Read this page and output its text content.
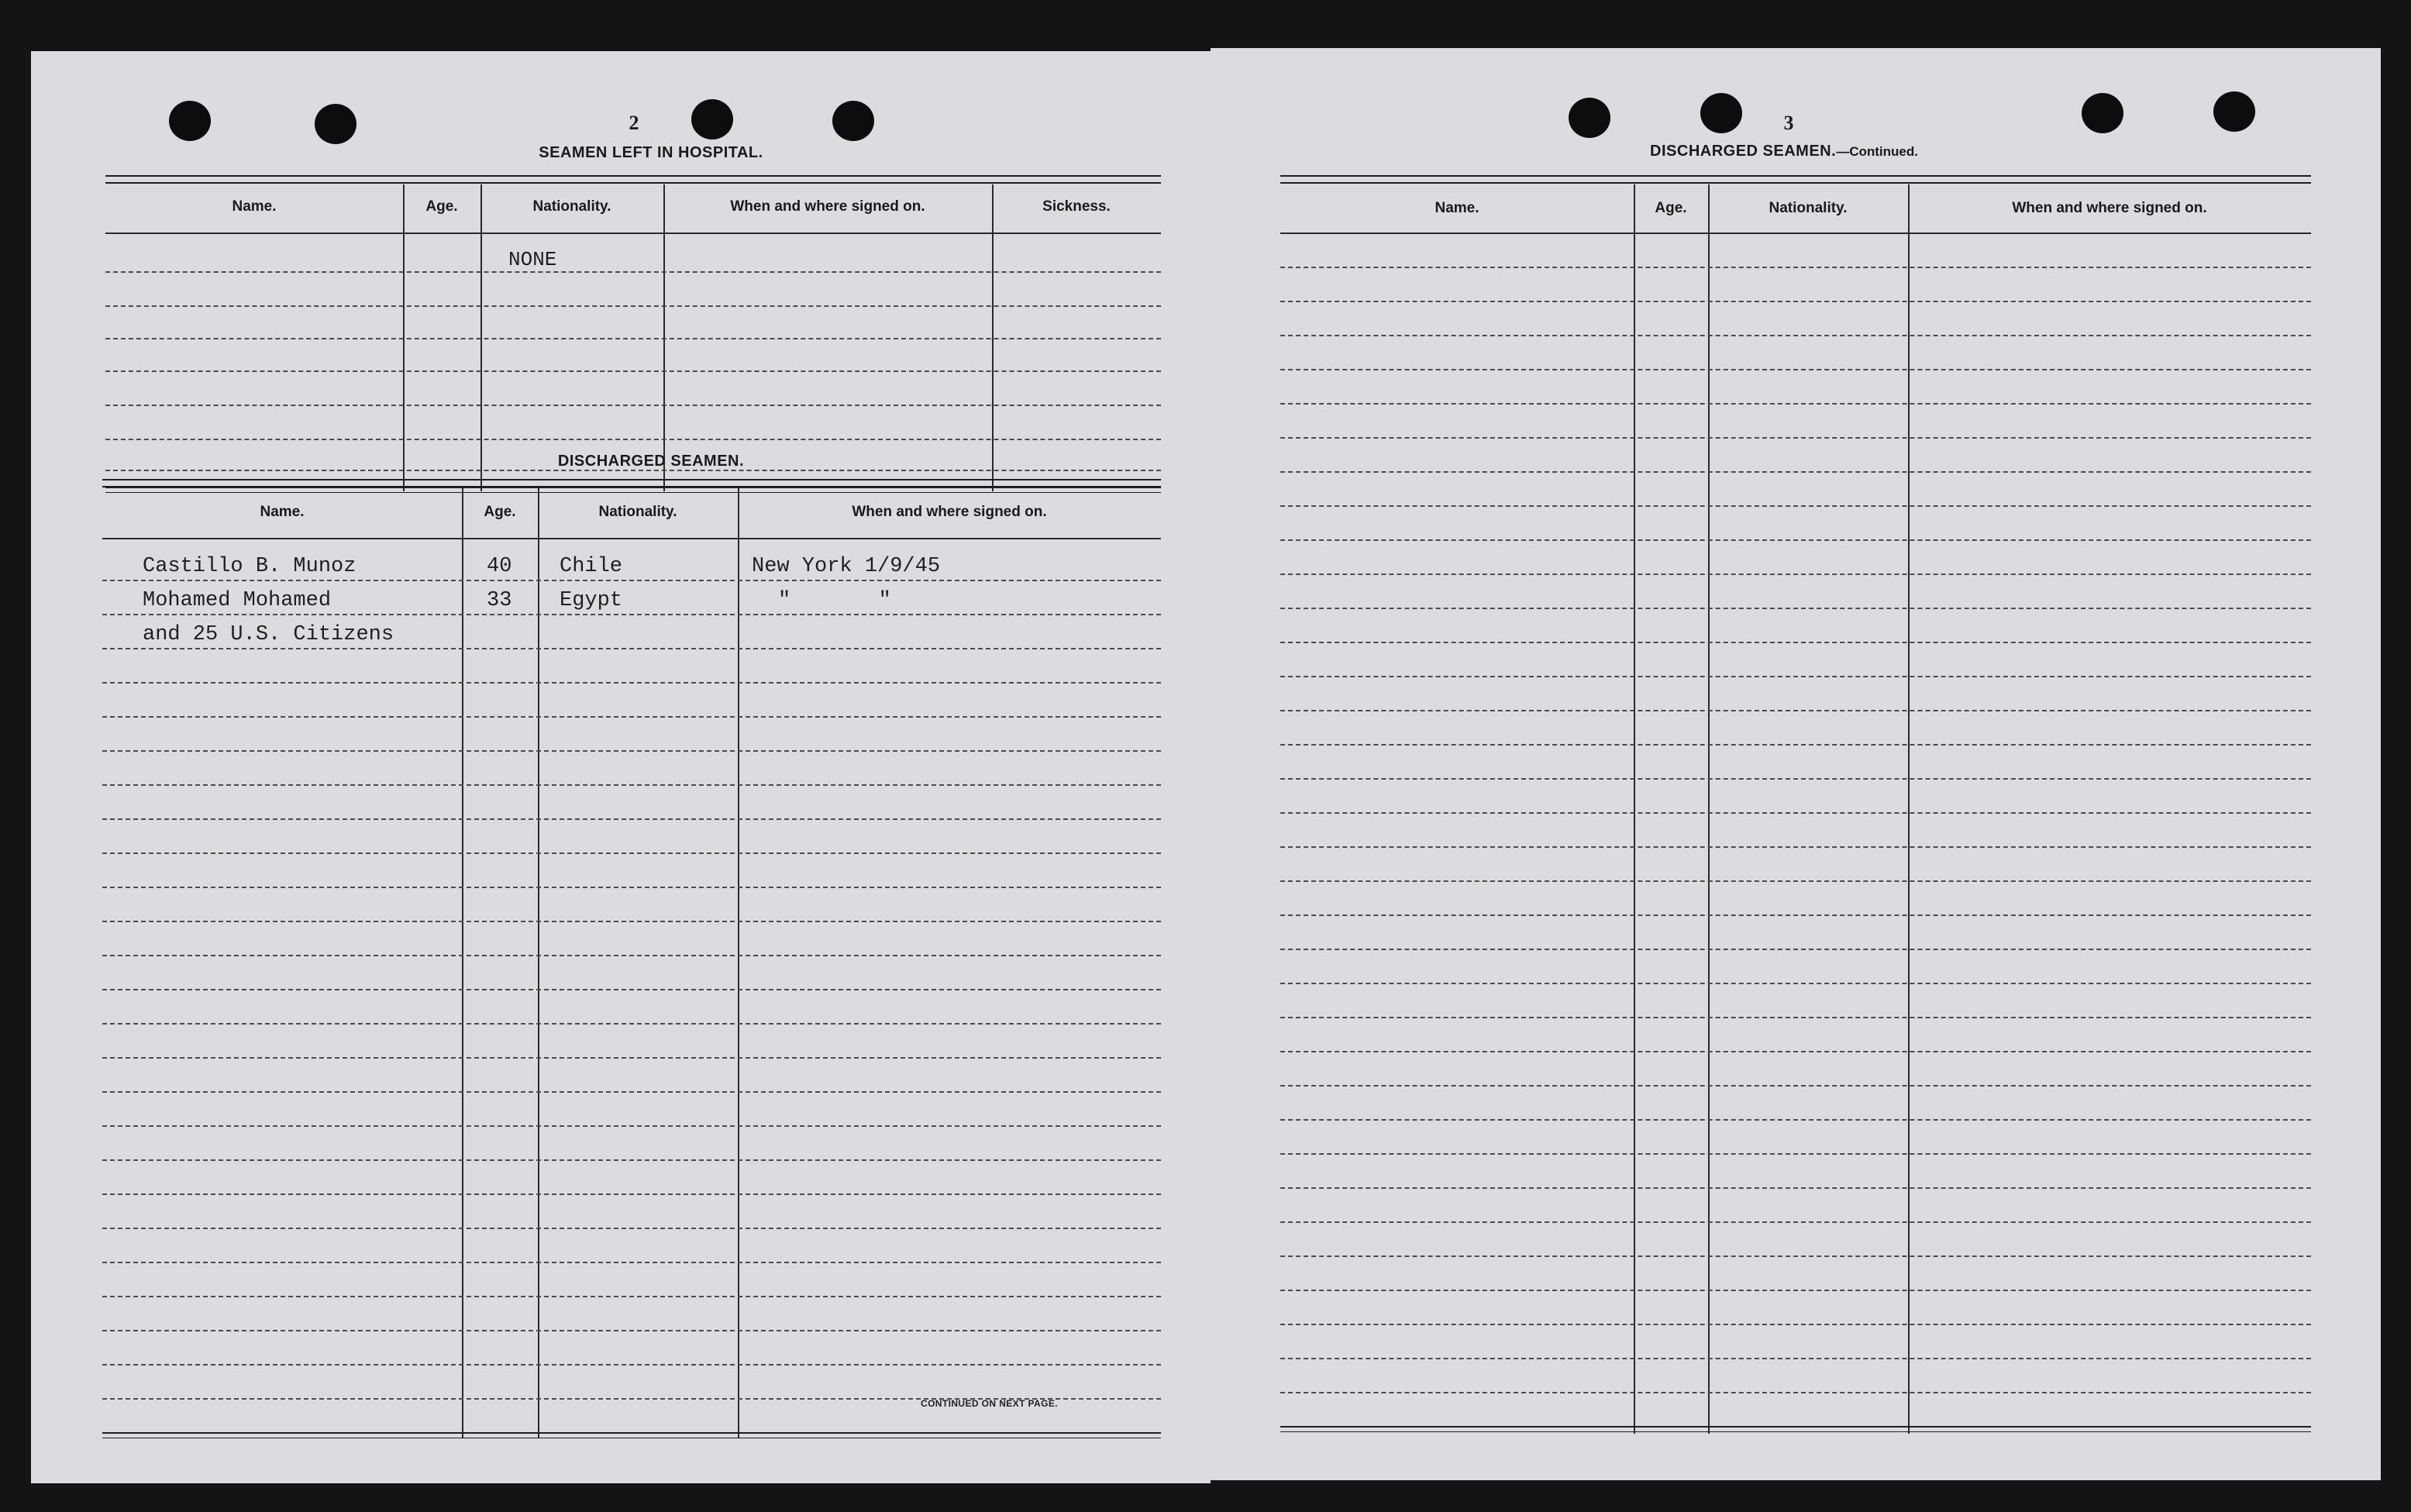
2
SEAMEN LEFT IN HOSPITAL.
Name.	Age.	Nationality.	When and where signed on.	Sickness.
NONE
DISCHARGED SEAMEN.
Name.	Age.	Nationality.	When and where signed on.
Castillo B. Munoz	40 Chile	New York 1/9/45
Mohamed Mohamed	33 Egypt	"       "
and 25 U.S. Citizens
CONTINUED ON NEXT PAGE.
3
DISCHARGED SEAMEN.—Continued.
Name.	Age.	Nationality.	When and where signed on.
